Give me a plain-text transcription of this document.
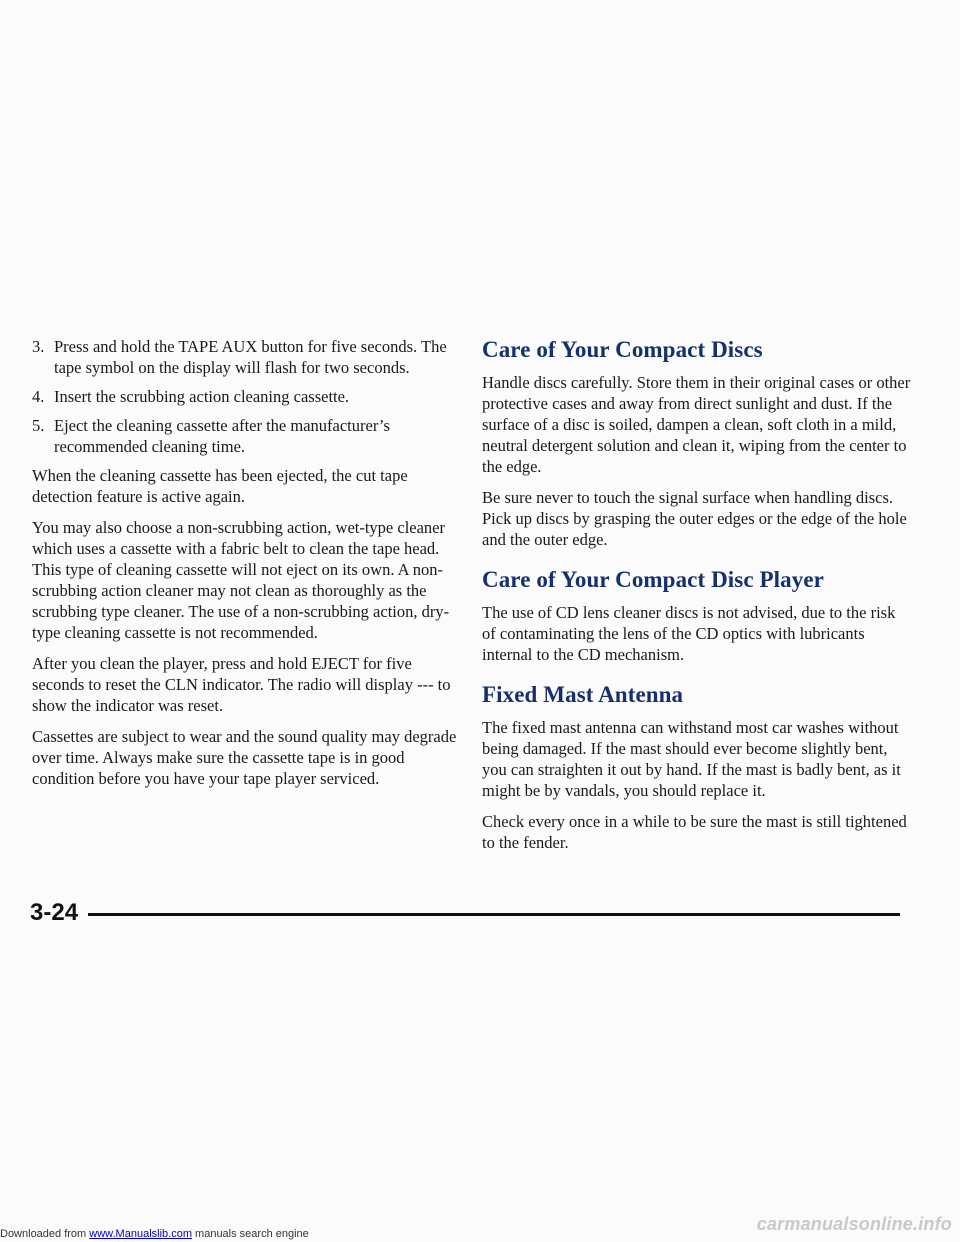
3. Press and hold the TAPE AUX button for five seconds. The tape symbol on the display will flash for two seconds.
4. Insert the scrubbing action cleaning cassette.
5. Eject the cleaning cassette after the manufacturer’s recommended cleaning time.

When the cleaning cassette has been ejected, the cut tape detection feature is active again.

You may also choose a non-scrubbing action, wet-type cleaner which uses a cassette with a fabric belt to clean the tape head. This type of cleaning cassette will not eject on its own. A non-scrubbing action cleaner may not clean as thoroughly as the scrubbing type cleaner. The use of a non-scrubbing action, dry-type cleaning cassette is not recommended.

After you clean the player, press and hold EJECT for five seconds to reset the CLN indicator. The radio will display --- to show the indicator was reset.

Cassettes are subject to wear and the sound quality may degrade over time. Always make sure the cassette tape is in good condition before you have your tape player serviced.

Care of Your Compact Discs

Handle discs carefully. Store them in their original cases or other protective cases and away from direct sunlight and dust. If the surface of a disc is soiled, dampen a clean, soft cloth in a mild, neutral detergent solution and clean it, wiping from the center to the edge.

Be sure never to touch the signal surface when handling discs. Pick up discs by grasping the outer edges or the edge of the hole and the outer edge.

Care of Your Compact Disc Player

The use of CD lens cleaner discs is not advised, due to the risk of contaminating the lens of the CD optics with lubricants internal to the CD mechanism.

Fixed Mast Antenna

The fixed mast antenna can withstand most car washes without being damaged. If the mast should ever become slightly bent, you can straighten it out by hand. If the mast is badly bent, as it might be by vandals, you should replace it.

Check every once in a while to be sure the mast is still tightened to the fender.

3-24
Downloaded from www.Manualslib.com manuals search engine	carmanualsonline.info
